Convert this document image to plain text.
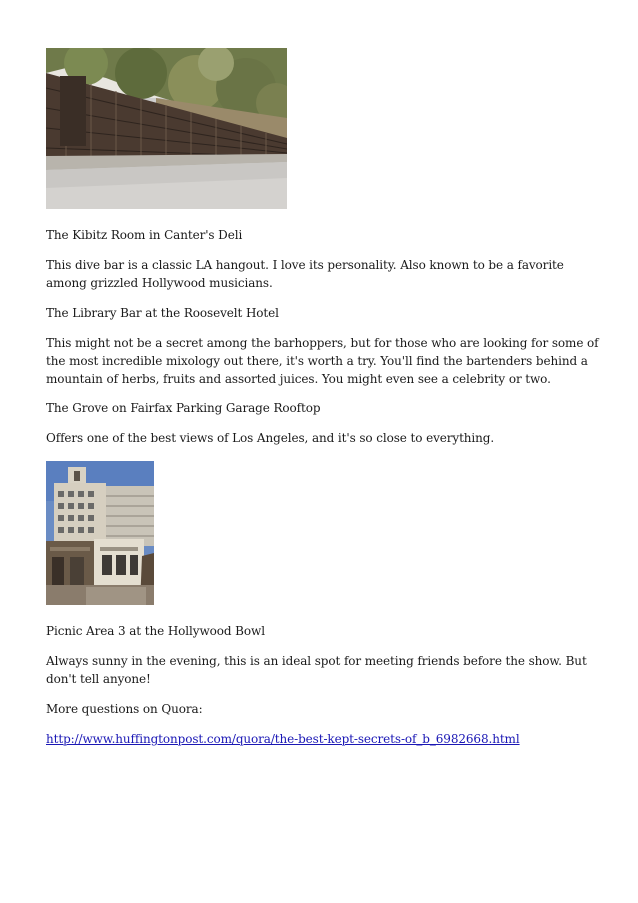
The Kibitz Room in Canter's Deli

This dive bar is a classic LA hangout. I love its personality. Also known to be a favorite among grizzled Hollywood musicians.

The Library Bar at the Roosevelt Hotel

This might not be a secret among the barhoppers, but for those who are looking for some of the most incredible mixology out there, it's worth a try. You'll find the bartenders behind a mountain of herbs, fruits and assorted juices. You might even see a celebrity or two.

The Grove on Fairfax Parking Garage Rooftop

Offers one of the best views of Los Angeles, and it's so close to everything.

Picnic Area 3 at the Hollywood Bowl

Always sunny in the evening, this is an ideal spot for meeting friends before the show. But don't tell anyone!

More questions on Quora:

http://www.huffingtonpost.com/quora/the-best-kept-secrets-of_b_6982668.html
